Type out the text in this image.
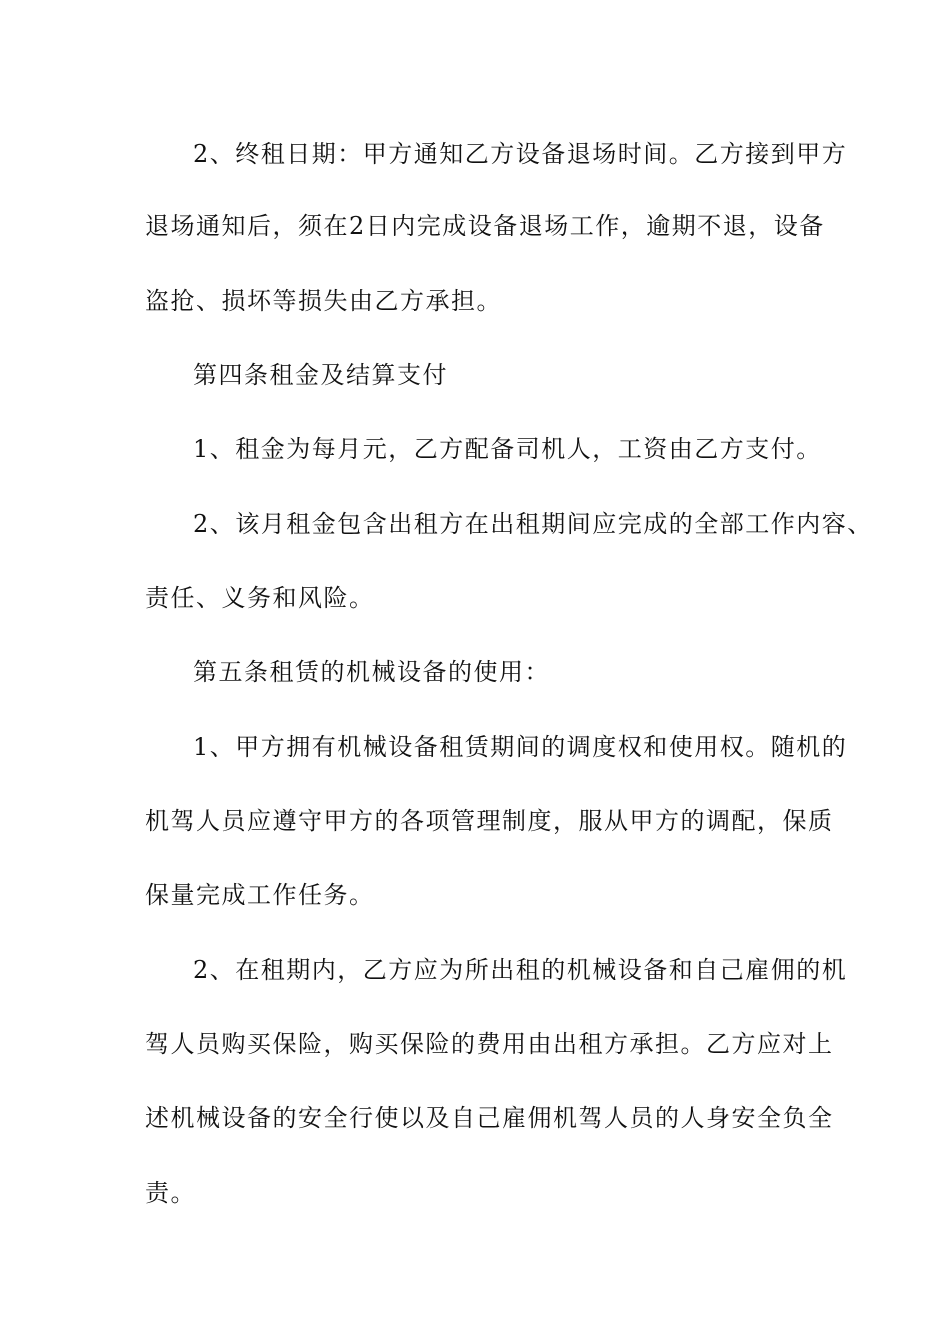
2、终租日期：甲方通知乙方设备退场时间。乙方接到甲方
退场通知后，须在2日内完成设备退场工作，逾期不退，设备
盗抢、损坏等损失由乙方承担。
第四条租金及结算支付
1、租金为每月元，乙方配备司机人，工资由乙方支付。
2、该月租金包含出租方在出租期间应完成的全部工作内容、
责任、义务和风险。
第五条租赁的机械设备的使用：
1、甲方拥有机械设备租赁期间的调度权和使用权。随机的
机驾人员应遵守甲方的各项管理制度，服从甲方的调配，保质
保量完成工作任务。
2、在租期内，乙方应为所出租的机械设备和自己雇佣的机
驾人员购买保险，购买保险的费用由出租方承担。乙方应对上
述机械设备的安全行使以及自己雇佣机驾人员的人身安全负全
责。
